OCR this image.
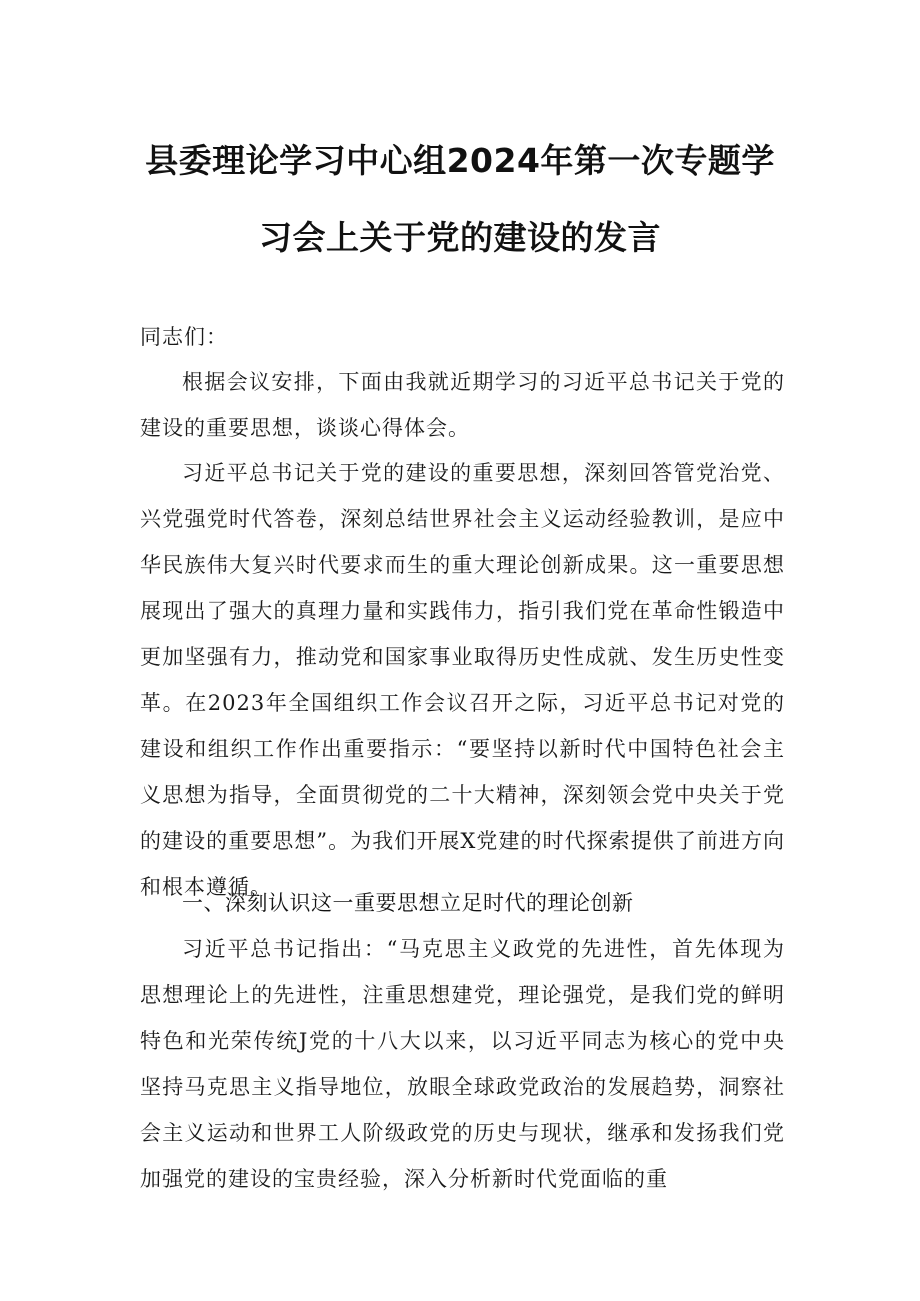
县委理论学习中心组2024年第一次专题学
习会上关于党的建设的发言
同志们：

根据会议安排，下面由我就近期学习的习近平总书记关于党的建设的重要思想，谈谈心得体会。

习近平总书记关于党的建设的重要思想，深刻回答管党治党、兴党强党时代答卷，深刻总结世界社会主义运动经验教训，是应中华民族伟大复兴时代要求而生的重大理论创新成果。这一重要思想展现出了强大的真理力量和实践伟力，指引我们党在革命性锻造中更加坚强有力，推动党和国家事业取得历史性成就、发生历史性变革。在2023年全国组织工作会议召开之际，习近平总书记对党的建设和组织工作作出重要指示：“要坚持以新时代中国特色社会主义思想为指导，全面贯彻党的二十大精神，深刻领会党中央关于党的建设的重要思想”。为我们开展X党建的时代探索提供了前进方向和根本遵循。

一、深刻认识这一重要思想立足时代的理论创新

习近平总书记指出：“马克思主义政党的先进性，首先体现为思想理论上的先进性，注重思想建党，理论强党，是我们党的鲜明特色和光荣传统J党的十八大以来，以习近平同志为核心的党中央坚持马克思主义指导地位，放眼全球政党政治的发展趋势，洞察社会主义运动和世界工人阶级政党的历史与现状，继承和发扬我们党加强党的建设的宝贵经验，深入分析新时代党面临的重
